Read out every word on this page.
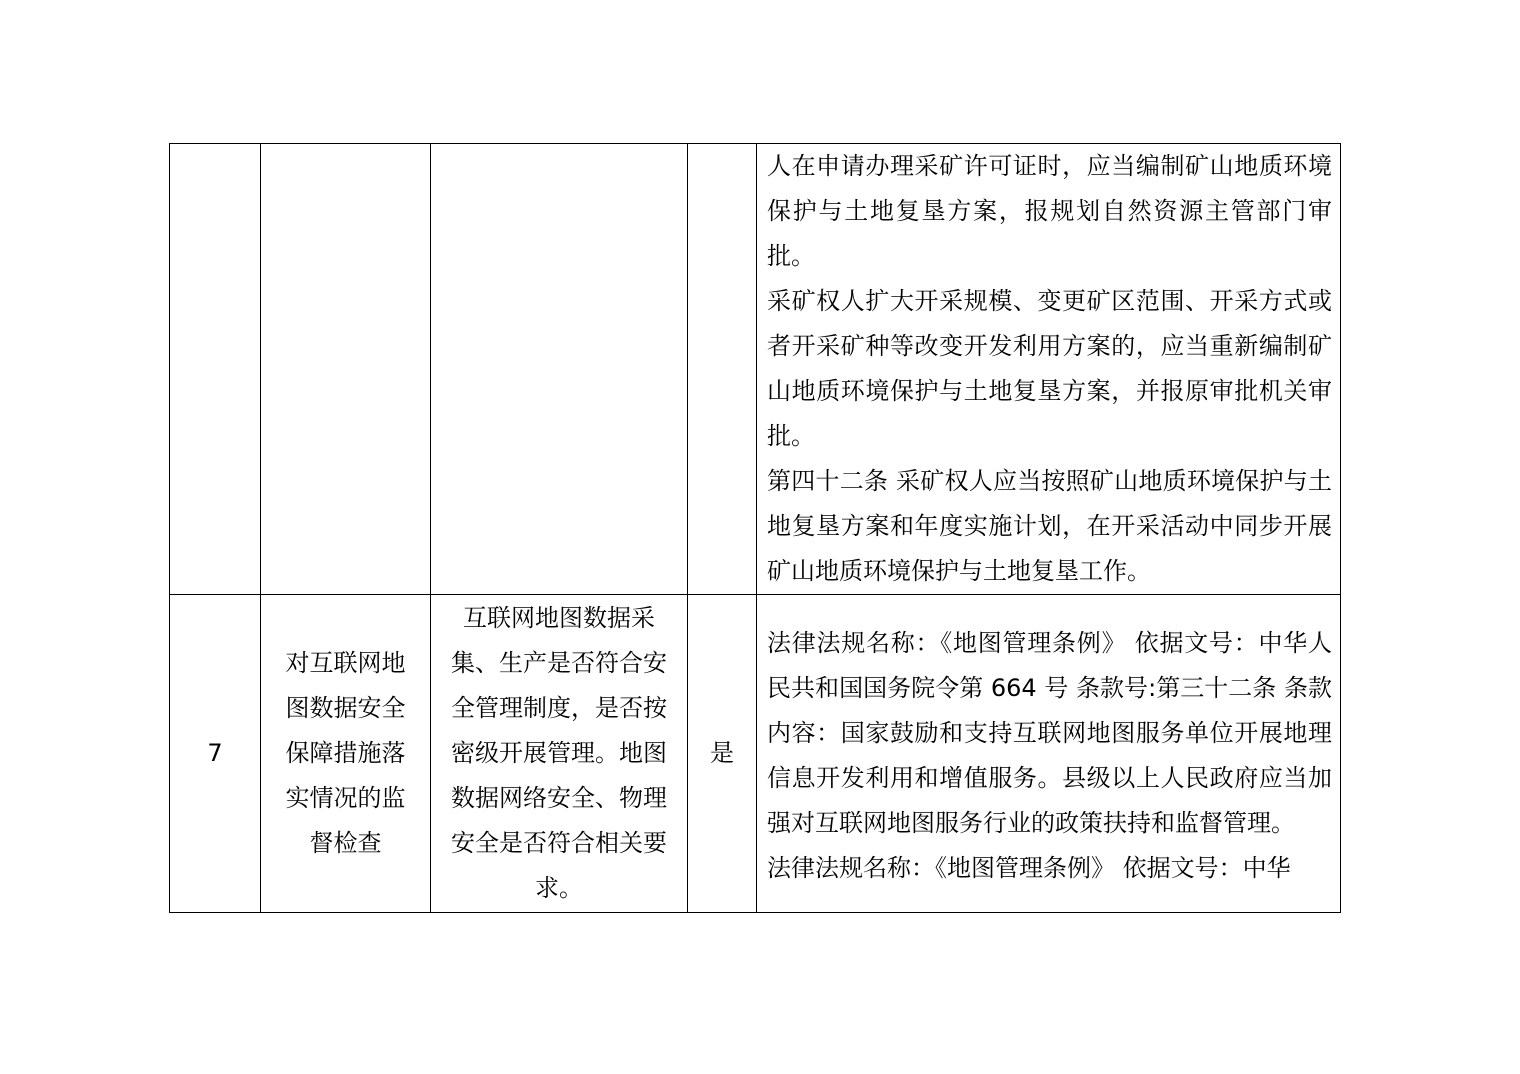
				人在申请办理采矿许可证时，应当编制矿山地质环境保护与土地复垦方案，报规划自然资源主管部门审批。
采矿权人扩大开采规模、变更矿区范围、开采方式或者开采矿种等改变开发利用方案的，应当重新编制矿山地质环境保护与土地复垦方案，并报原审批机关审批。
第四十二条 采矿权人应当按照矿山地质环境保护与土地复垦方案和年度实施计划，在开采活动中同步开展矿山地质环境保护与土地复垦工作。

7	对互联网地图数据安全保障措施落实情况的监督检查	互联网地图数据采集、生产是否符合安全管理制度，是否按密级开展管理。地图数据网络安全、物理安全是否符合相关要求。	是	法律法规名称：《地图管理条例》 依据文号：中华人民共和国国务院令第 664 号 条款号:第三十二条 条款内容：国家鼓励和支持互联网地图服务单位开展地理信息开发利用和增值服务。县级以上人民政府应当加强对互联网地图服务行业的政策扶持和监督管理。
法律法规名称：《地图管理条例》 依据文号：中华
